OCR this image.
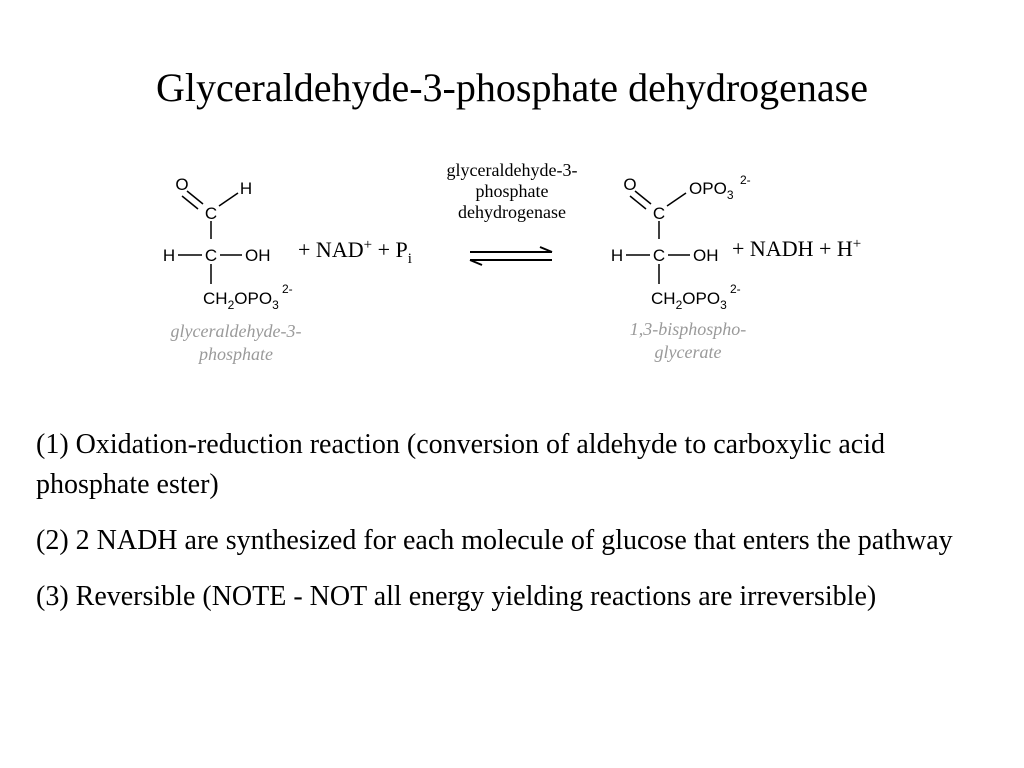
Glyceraldehyde-3-phosphate dehydrogenase
O	H
C
H C OH
$CH_2OPO_3$
2-
glyceraldehyde-3-
phosphate
+ $NAD^+ + P_i$
glyceraldehyde-3-
phosphate
dehydrogenase
O	$OPO_3$
2-
C
H C OH
$CH_2OPO_3$
2-
1,3-bisphospho-
glycerate
+ NADH + H+

(1) Oxidation-reduction reaction (conversion of aldehyde to carboxylic acid phosphate ester)

(2) 2 NADH are synthesized for each molecule of glucose that enters the pathway

(3) Reversible (NOTE - NOT all energy yielding reactions are irreversible)
